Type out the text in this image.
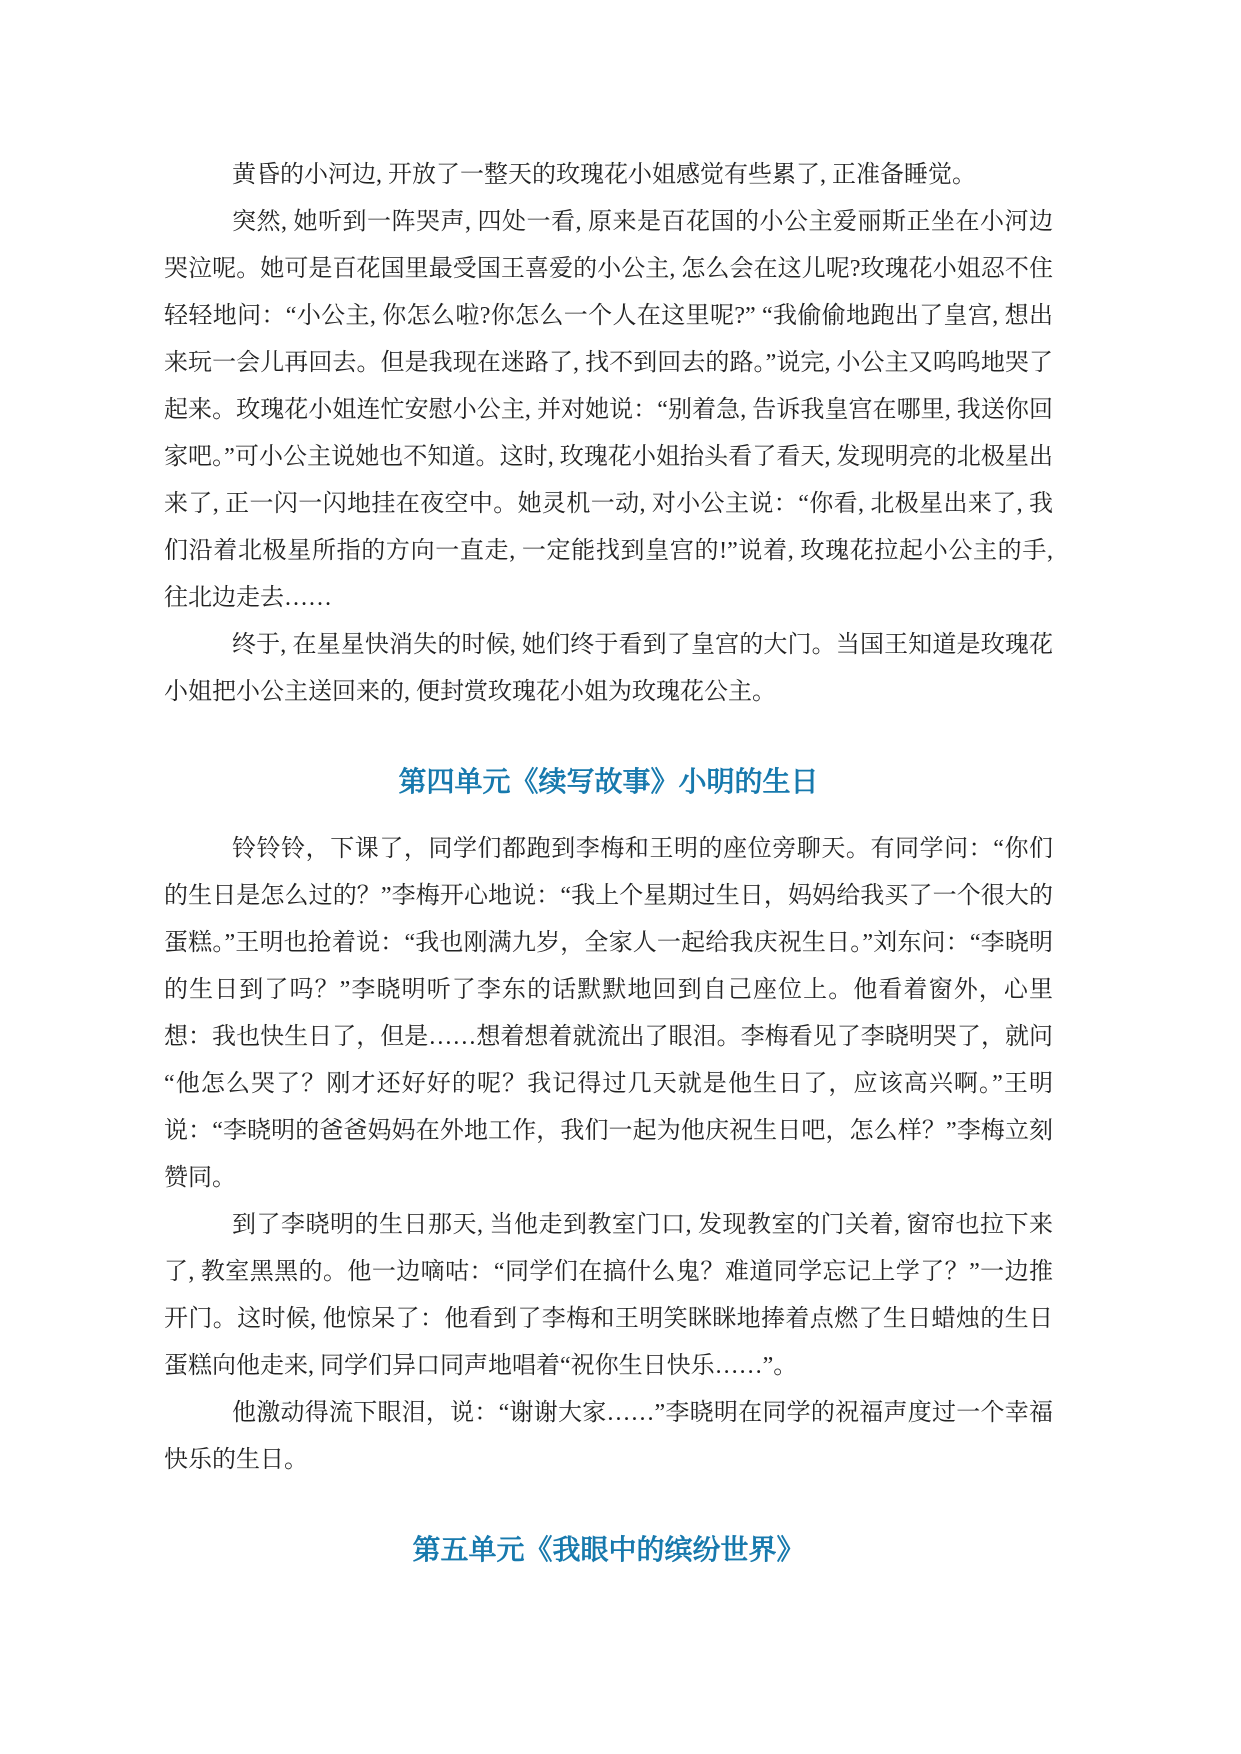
黄昏的小河边, 开放了一整天的玫瑰花小姐感觉有些累了, 正准备睡觉。

突然, 她听到一阵哭声, 四处一看, 原来是百花国的小公主爱丽斯正坐在小河边哭泣呢。她可是百花国里最受国王喜爱的小公主, 怎么会在这儿呢?玫瑰花小姐忍不住轻轻地问：“小公主, 你怎么啦?你怎么一个人在这里呢?” “我偷偷地跑出了皇宫, 想出来玩一会儿再回去。但是我现在迷路了, 找不到回去的路。”说完, 小公主又呜呜地哭了起来。玫瑰花小姐连忙安慰小公主, 并对她说：“别着急, 告诉我皇宫在哪里, 我送你回家吧。”可小公主说她也不知道。这时, 玫瑰花小姐抬头看了看天, 发现明亮的北极星出来了, 正一闪一闪地挂在夜空中。她灵机一动, 对小公主说：“你看, 北极星出来了, 我们沿着北极星所指的方向一直走, 一定能找到皇宫的!”说着, 玫瑰花拉起小公主的手, 往北边走去……

终于, 在星星快消失的时候, 她们终于看到了皇宫的大门。当国王知道是玫瑰花小姐把小公主送回来的, 便封赏玫瑰花小姐为玫瑰花公主。

第四单元《续写故事》小明的生日

铃铃铃，下课了，同学们都跑到李梅和王明的座位旁聊天。有同学问：“你们的生日是怎么过的？”李梅开心地说：“我上个星期过生日，妈妈给我买了一个很大的蛋糕。”王明也抢着说：“我也刚满九岁，全家人一起给我庆祝生日。”刘东问：“李晓明的生日到了吗？”李晓明听了李东的话默默地回到自己座位上。他看着窗外，心里想：我也快生日了，但是……想着想着就流出了眼泪。李梅看见了李晓明哭了，就问“他怎么哭了？刚才还好好的呢？我记得过几天就是他生日了，应该高兴啊。”王明说：“李晓明的爸爸妈妈在外地工作，我们一起为他庆祝生日吧，怎么样？”李梅立刻赞同。

到了李晓明的生日那天, 当他走到教室门口, 发现教室的门关着, 窗帘也拉下来了, 教室黑黑的。他一边嘀咕：“同学们在搞什么鬼？难道同学忘记上学了？”一边推开门。这时候, 他惊呆了：他看到了李梅和王明笑眯眯地捧着点燃了生日蜡烛的生日蛋糕向他走来, 同学们异口同声地唱着“祝你生日快乐……”。

他激动得流下眼泪，说：“谢谢大家……”李晓明在同学的祝福声度过一个幸福快乐的生日。

第五单元《我眼中的缤纷世界》
